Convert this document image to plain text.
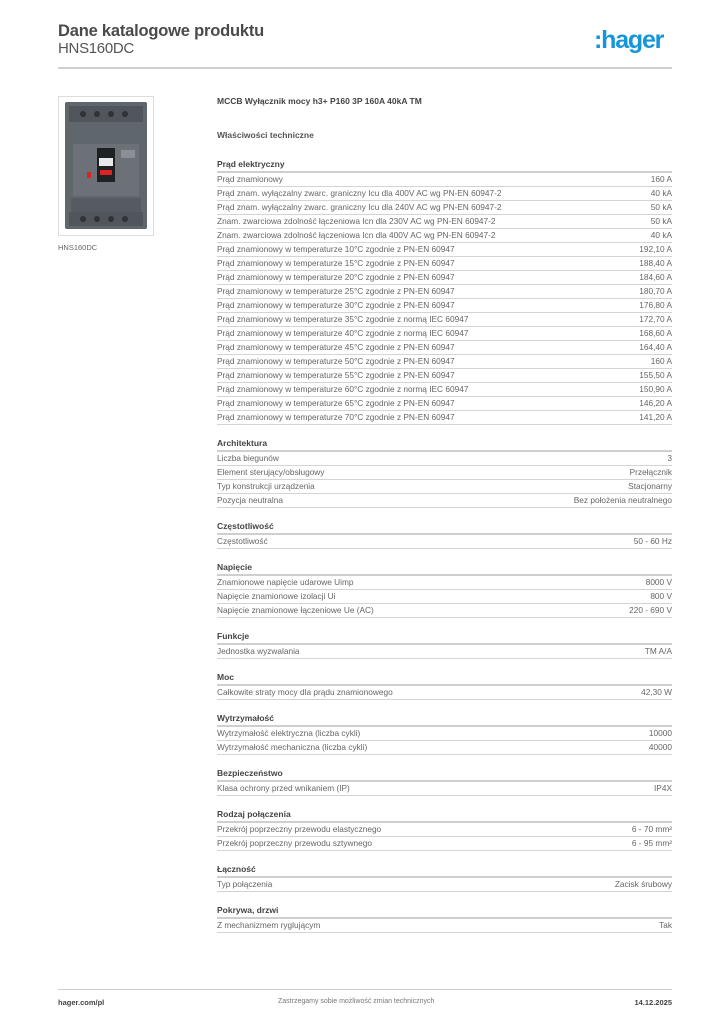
Dane katalogowe produktu
HNS160DC	:hager
HNS160DC
MCCB Wyłącznik mocy h3+ P160 3P 160A 40kA TM
Właściwości techniczne
Prąd elektryczny
Prąd znamionowy	160 A
Prąd znam. wyłączalny zwarc. graniczny Icu dla 400V AC wg PN-EN 60947-2	40 kA
Prąd znam. wyłączalny zwarc. graniczny Icu dla 240V AC wg PN-EN 60947-2	50 kA
Znam. zwarciowa zdolność łączeniowa Icn dla 230V AC wg PN-EN 60947-2	50 kA
Znam. zwarciowa zdolność łączeniowa Icn dla 400V AC wg PN-EN 60947-2	40 kA
Prąd znamionowy w temperaturze 10°C zgodnie z PN-EN 60947	192,10 A
Prąd znamionowy w temperaturze 15°C zgodnie z PN-EN 60947	188,40 A
Prąd znamionowy w temperaturze 20°C zgodnie z PN-EN 60947	184,60 A
Prąd znamionowy w temperaturze 25°C zgodnie z PN-EN 60947	180,70 A
Prąd znamionowy w temperaturze 30°C zgodnie z PN-EN 60947	176,80 A
Prąd znamionowy w temperaturze 35°C zgodnie z normą IEC 60947	172,70 A
Prąd znamionowy w temperaturze 40°C zgodnie z normą IEC 60947	168,60 A
Prąd znamionowy w temperaturze 45°C zgodnie z PN-EN 60947	164,40 A
Prąd znamionowy w temperaturze 50°C zgodnie z PN-EN 60947	160 A
Prąd znamionowy w temperaturze 55°C zgodnie z PN-EN 60947	155,50 A
Prąd znamionowy w temperaturze 60°C zgodnie z normą IEC 60947	150,90 A
Prąd znamionowy w temperaturze 65°C zgodnie z PN-EN 60947	146,20 A
Prąd znamionowy w temperaturze 70°C zgodnie z PN-EN 60947	141,20 A
Architektura
Liczba biegunów	3
Element sterujący/obsługowy	Przełącznik
Typ konstrukcji urządzenia	Stacjonarny
Pozycja neutralna	Bez położenia neutralnego
Częstotliwość
Częstotliwość	50 - 60 Hz
Napięcie
Znamionowe napięcie udarowe Uimp	8000 V
Napięcie znamionowe izolacji Ui	800 V
Napięcie znamionowe łączeniowe Ue (AC)	220 - 690 V
Funkcje
Jednostka wyzwalania	TM A/A
Moc
Całkowite straty mocy dla prądu znamionowego	42,30 W
Wytrzymałość
Wytrzymałość elektryczna (liczba cykli)	10000
Wytrzymałość mechaniczna (liczba cykli)	40000
Bezpieczeństwo
Klasa ochrony przed wnikaniem (IP)	IP4X
Rodzaj połączenia
Przekrój poprzeczny przewodu elastycznego	6 - 70 mm²
Przekrój poprzeczny przewodu sztywnego	6 - 95 mm²
Łączność
Typ połączenia	Zacisk śrubowy
Pokrywa, drzwi
Z mechanizmem ryglującym	Tak
hager.com/pl	Zastrzegamy sobie możliwość zmian technicznych	14.12.2025
